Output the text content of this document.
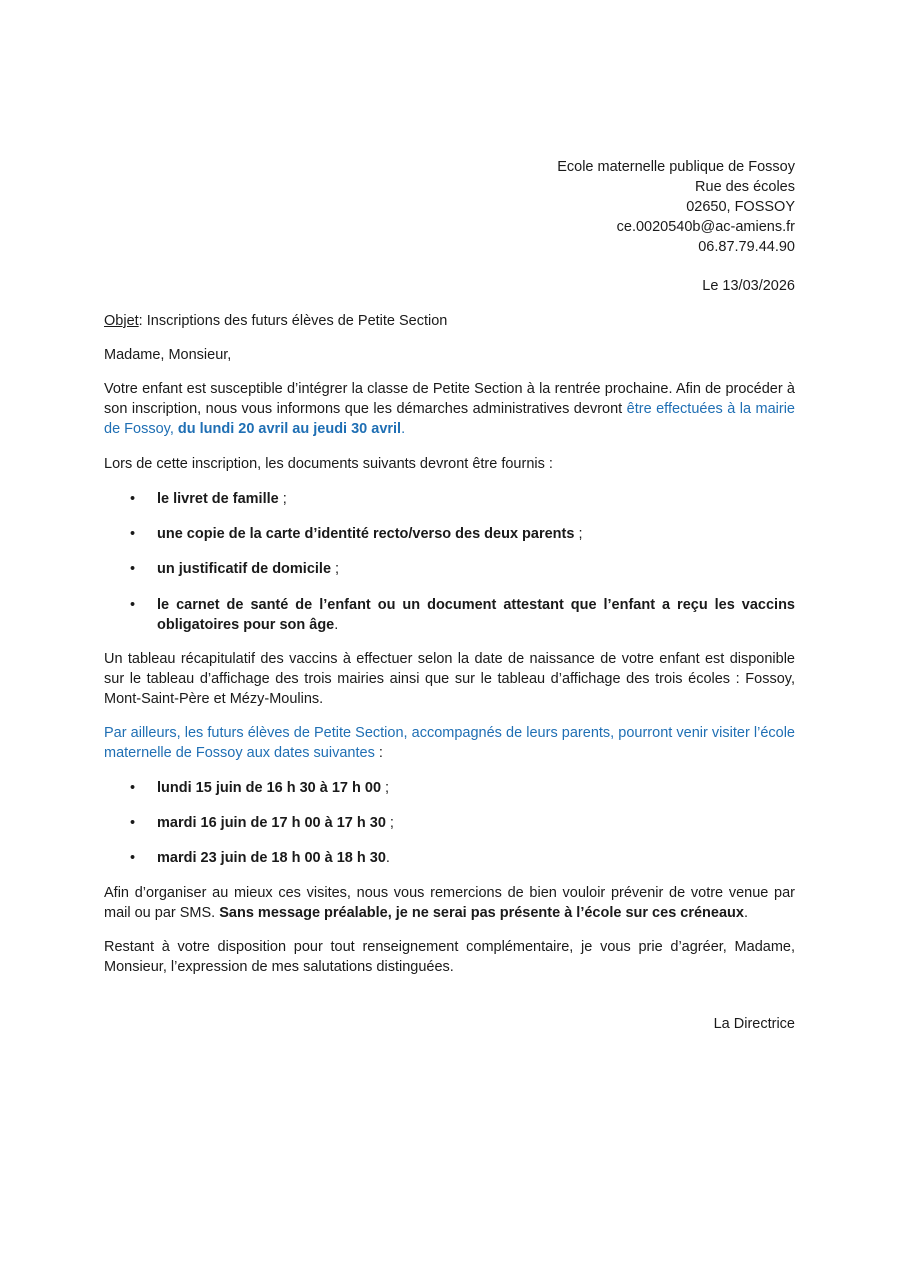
Ecole maternelle publique de Fossoy
Rue des écoles
02650, FOSSOY
ce.0020540b@ac-amiens.fr
06.87.79.44.90
Le 13/03/2026

Objet: Inscriptions des futurs élèves de Petite Section

Madame, Monsieur,

Votre enfant est susceptible d’intégrer la classe de Petite Section à la rentrée prochaine. Afin de procéder à son inscription, nous vous informons que les démarches administratives devront être effectuées à la mairie de Fossoy, du lundi 20 avril au jeudi 30 avril.

Lors de cette inscription, les documents suivants devront être fournis :

• le livret de famille ;
• une copie de la carte d’identité recto/verso des deux parents ;
• un justificatif de domicile ;
• le carnet de santé de l’enfant ou un document attestant que l’enfant a reçu les vaccins obligatoires pour son âge.

Un tableau récapitulatif des vaccins à effectuer selon la date de naissance de votre enfant est disponible sur le tableau d’affichage des trois mairies ainsi que sur le tableau d’affichage des trois écoles : Fossoy, Mont-Saint-Père et Mézy-Moulins.

Par ailleurs, les futurs élèves de Petite Section, accompagnés de leurs parents, pourront venir visiter l’école maternelle de Fossoy aux dates suivantes :

• lundi 15 juin de 16 h 30 à 17 h 00 ;
• mardi 16 juin de 17 h 00 à 17 h 30 ;
• mardi 23 juin de 18 h 00 à 18 h 30.

Afin d’organiser au mieux ces visites, nous vous remercions de bien vouloir prévenir de votre venue par mail ou par SMS. Sans message préalable, je ne serai pas présente à l’école sur ces créneaux.

Restant à votre disposition pour tout renseignement complémentaire, je vous prie d’agréer, Madame, Monsieur, l’expression de mes salutations distinguées.

La Directrice
